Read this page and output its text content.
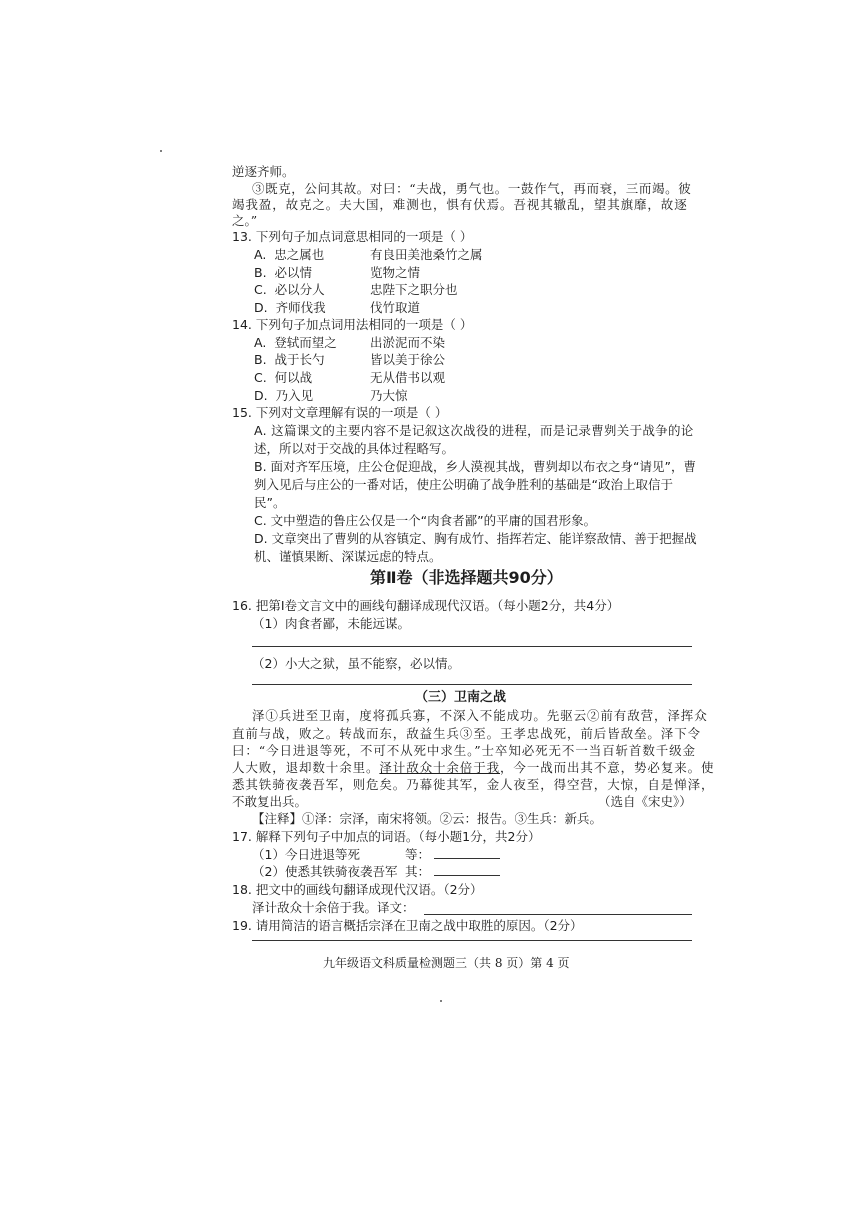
逆逐齐师。
③既克，公问其故。对曰：“夫战，勇气也。一鼓作气，再而衰，三而竭。彼
竭我盈，故克之。夫大国，难测也，惧有伏焉。吾视其辙乱，望其旗靡，故逐
之。”
13. 下列句子加点词意思相同的一项是（ ）
A. 忠之属也	有良田美池桑竹之属
B. 必以情	览物之情
C. 必以分人	忠陛下之职分也
D. 齐师伐我	伐竹取道
14. 下列句子加点词用法相同的一项是（ ）
A. 登轼而望之	出淤泥而不染
B. 战于长勺	皆以美于徐公
C. 何以战	无从借书以观
D. 乃入见	乃大惊
15. 下列对文章理解有误的一项是（ ）
A. 这篇课文的主要内容不是记叙这次战役的进程，而是记录曹刿关于战争的论
述，所以对于交战的具体过程略写。
B. 面对齐军压境，庄公仓促迎战，乡人漠视其战，曹刿却以布衣之身“请见”，曹
刿入见后与庄公的一番对话，使庄公明确了战争胜利的基础是“政治上取信于
民”。
C. 文中塑造的鲁庄公仅是一个“肉食者鄙”的平庸的国君形象。
D. 文章突出了曹刿的从容镇定、胸有成竹、指挥若定、能详察敌情、善于把握战
机、谨慎果断、深谋远虑的特点。
第Ⅱ卷（非选择题共90分）
16. 把第Ⅰ卷文言文中的画线句翻译成现代汉语。（每小题2分，共4分）
（1）肉食者鄙，未能远谋。
（2）小大之狱，虽不能察，必以情。
（三）卫南之战
泽①兵进至卫南，度将孤兵寡，不深入不能成功。先驱云②前有敌营，泽挥众
直前与战，败之。转战而东，敌益生兵③至。王孝忠战死，前后皆敌垒。泽下令
曰：“今日进退等死，不可不从死中求生。”士卒知必死无不一当百斩首数千级金
人大败，退却数十余里。泽计敌众十余倍于我，今一战而出其不意，势必复来。使
悉其铁骑夜袭吾军，则危矣。乃幕徙其军，金人夜至，得空营，大惊，自是惮泽，
不敢复出兵。	（选自《宋史》）
【注释】①泽：宗泽，南宋将领。②云：报告。③生兵：新兵。
17. 解释下列句子中加点的词语。（每小题1分，共2分）
（1）今日进退等死	等：
（2）使悉其铁骑夜袭吾军 其：
18. 把文中的画线句翻译成现代汉语。（2分）
泽计敌众十余倍于我。译文：
19. 请用简洁的语言概括宗泽在卫南之战中取胜的原因。（2分）
九年级语文科质量检测题三（共 8 页）第 4 页
